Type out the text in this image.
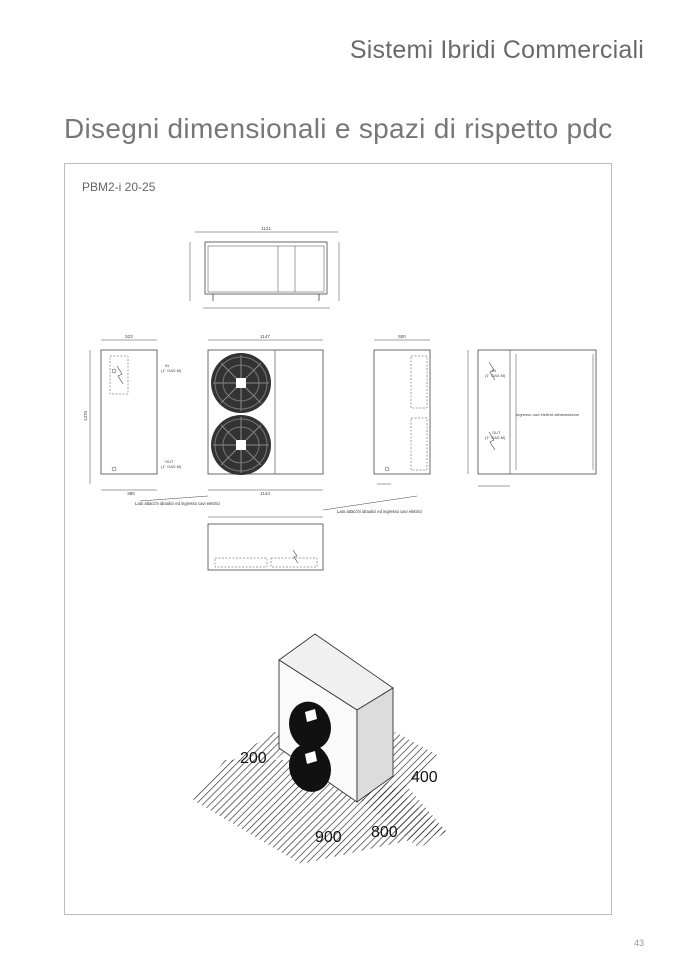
Sistemi Ibridi Commerciali
Disegni dimensionali e spazi di rispetto pdc
PBM2-i 20-25
1121
523
380
1370
IN
(1" GAS M)
OUT
(1" GAS M)
1147
1144
500
Ingresso cavi elettrici alimentazione
IN
(1" GAS M)
OUT
(1" GAS M)
Lato attacchi idraulici ed ingresso cavi elettrici
Lato attacchi idraulici ed ingresso cavi elettrici
200
400
900 800
43
